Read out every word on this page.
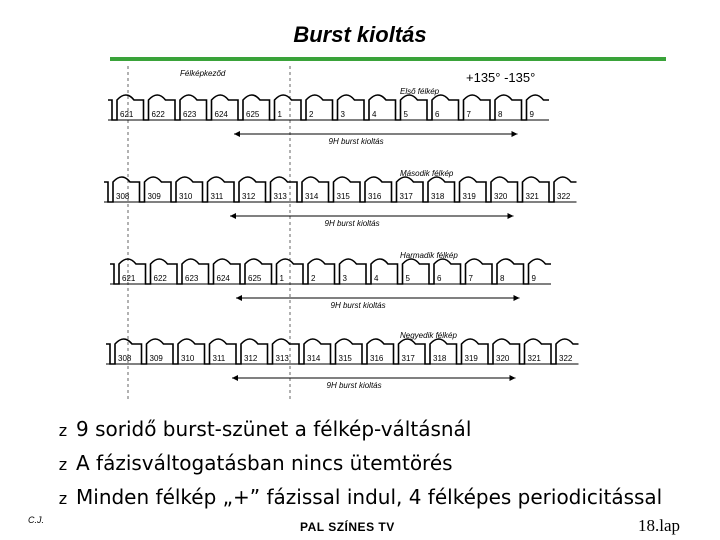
Burst kioltás
+135° -135°
621 622 623 624 625 1	2	3	4	5	6	7	8	9
Első félkép
9H burst kioltás
Félképkeződ
308 309 310 311 312 313 314 315 316 317 318 319 320 321 322
Második félkép
9H burst kioltás
621 622 623 624 625 1	2	3	4	5	6	7	8	9
Harmadik félkép
9H burst kioltás
308 309 310 311 312 313 314 315 316 317 318 319 320 321 322
Negyedik félkép
9H burst kioltás
z 9 soridő burst-szünet a félkép-váltásnál
z A fázisváltogatásban nincs ütemtörés
z Minden félkép „+” fázissal indul, 4 félképes periodicitással
C.J.	PAL SZÍNES TV	18.lap
